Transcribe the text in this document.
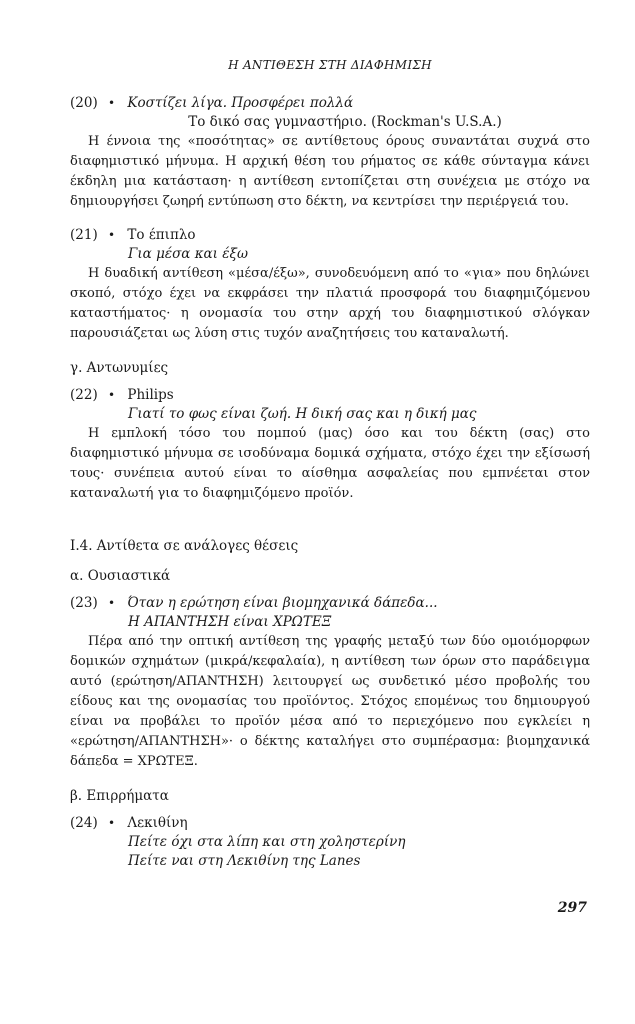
Η ΑΝΤΙΘΕΣΗ ΣΤΗ ΔΙΑΦΗΜΙΣΗ

(20) • Κοστίζει λίγα. Προσφέρει πολλά

Το δικό σας γυμναστήριο. (Rockman's U.S.A.)

Η έννοια της «ποσότητας» σε αντίθετους όρους συναντάται συχνά στο διαφημιστικό μήνυμα. Η αρχική θέση του ρήματος σε κάθε σύνταγμα κάνει έκδηλη μια κατάσταση· η αντίθεση εντοπίζεται στη συνέχεια με στόχο να δημιουργήσει ζωηρή εντύπωση στο δέκτη, να κεντρίσει την περιέργειά του.

(21) • Το έπιπλο

Για μέσα και έξω

Η δυαδική αντίθεση «μέσα/έξω», συνοδευόμενη από το «για» που δηλώνει σκοπό, στόχο έχει να εκφράσει την πλατιά προσφορά του διαφημιζόμενου καταστήματος· η ονομασία του στην αρχή του διαφημιστικού σλόγκαν παρουσιάζεται ως λύση στις τυχόν αναζητήσεις του καταναλωτή.

γ. Αντωνυμίες

(22) • Philips

Γιατί το φως είναι ζωή. Η δική σας και η δική μας

Η εμπλοκή τόσο του πομπού (μας) όσο και του δέκτη (σας) στο διαφημιστικό μήνυμα σε ισοδύναμα δομικά σχήματα, στόχο έχει την εξίσωσή τους· συνέπεια αυτού είναι το αίσθημα ασφαλείας που εμπνέεται στον καταναλωτή για το διαφημιζόμενο προϊόν.

Ι.4. Αντίθετα σε ανάλογες θέσεις

α. Ουσιαστικά

(23) • Όταν η ερώτηση είναι βιομηχανικά δάπεδα...

Η ΑΠΑΝΤΗΣΗ είναι ΧΡΩΤΕΞ

Πέρα από την οπτική αντίθεση της γραφής μεταξύ των δύο ομοιόμορφων δομικών σχημάτων (μικρά/κεφαλαία), η αντίθεση των όρων στο παράδειγμα αυτό (ερώτηση/ΑΠΑΝΤΗΣΗ) λειτουργεί ως συνδετικό μέσο προβολής του είδους και της ονομασίας του προϊόντος. Στόχος επομένως του δημιουργού είναι να προβάλει το προϊόν μέσα από το περιεχόμενο που εγκλείει η «ερώτηση/ΑΠΑΝΤΗΣΗ»· ο δέκτης καταλήγει στο συμπέρασμα: βιομηχανικά δάπεδα = ΧΡΩΤΕΞ.

β. Επιρρήματα

(24) • Λεκιθίνη

Πείτε όχι στα λίπη και στη χοληστερίνη

Πείτε ναι στη Λεκιθίνη της Lanes

297
